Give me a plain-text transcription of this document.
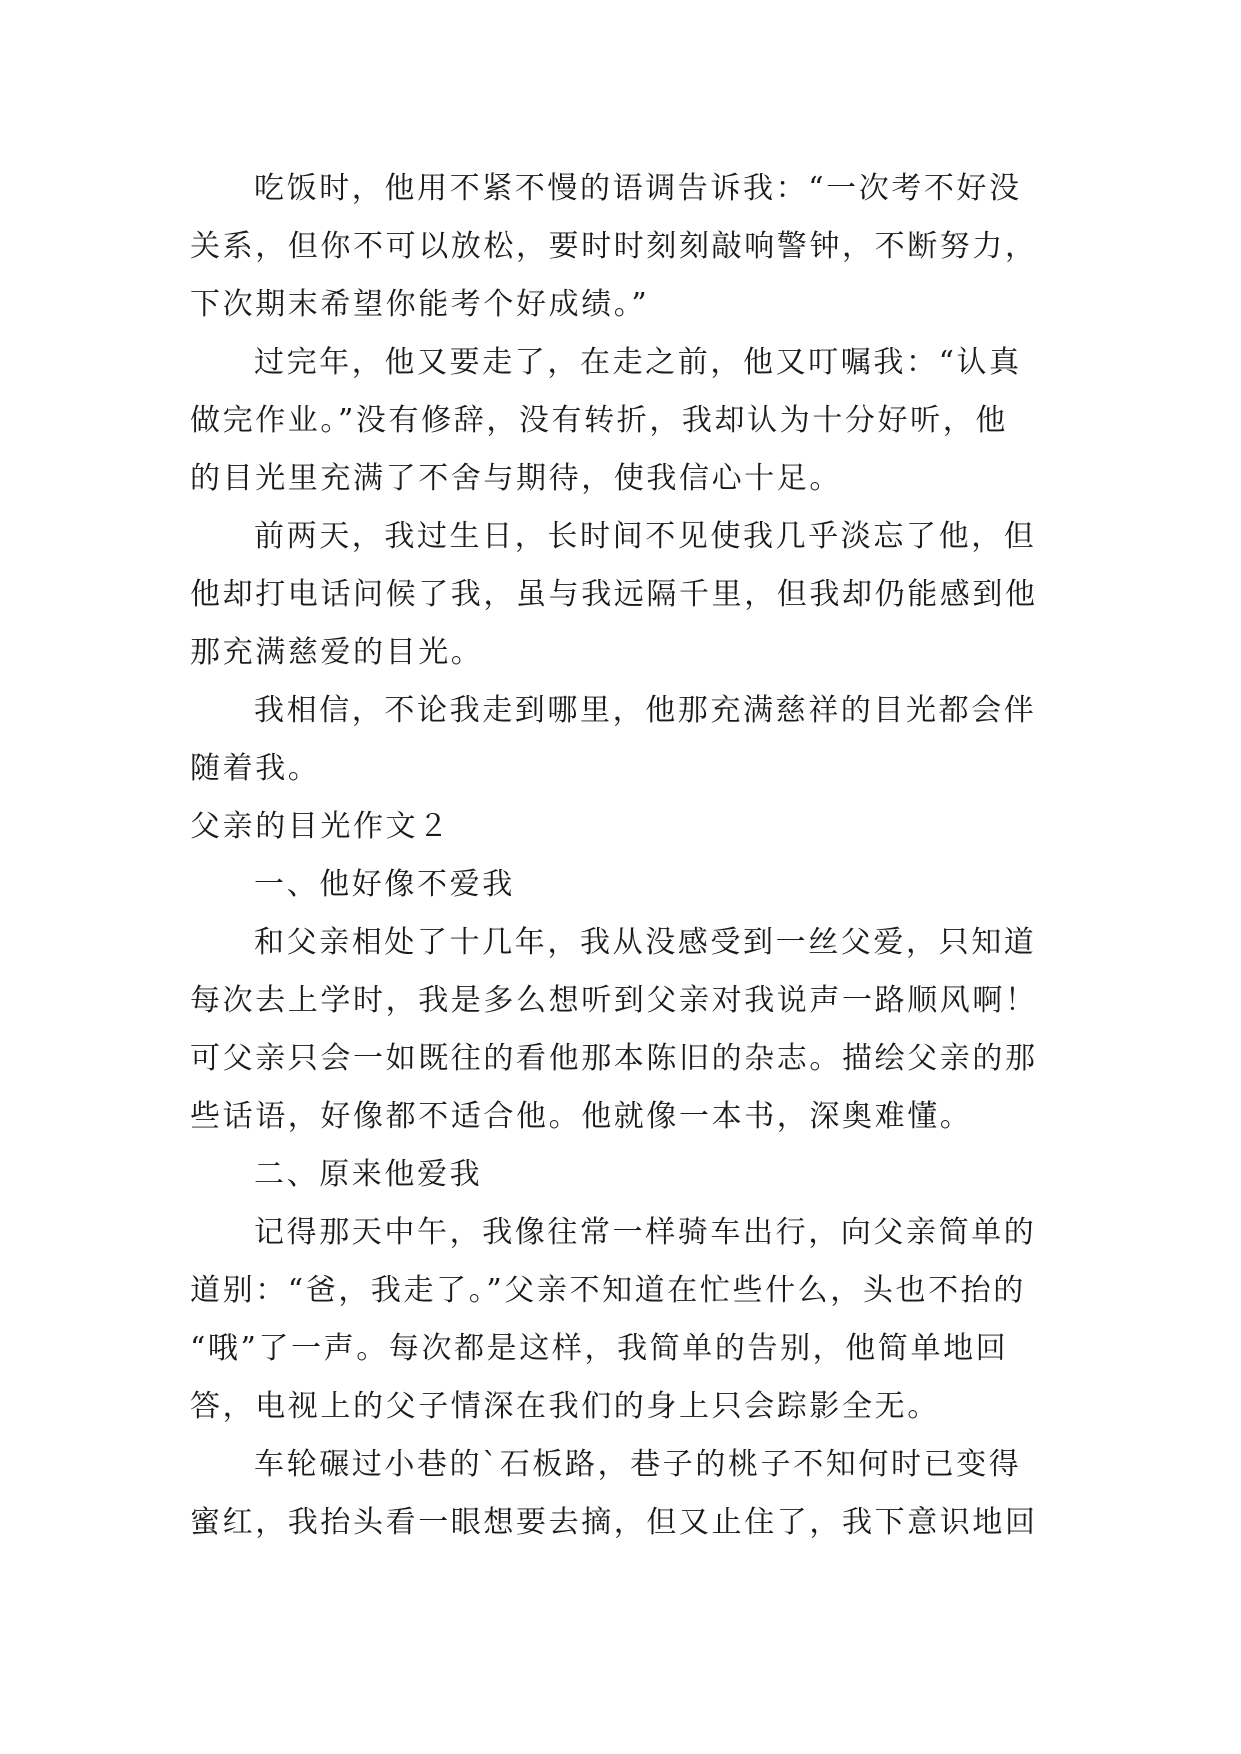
吃饭时，他用不紧不慢的语调告诉我：“一次考不好没
关系，但你不可以放松，要时时刻刻敲响警钟，不断努力，
下次期末希望你能考个好成绩。”
过完年，他又要走了，在走之前，他又叮嘱我：“认真
做完作业。”没有修辞，没有转折，我却认为十分好听，他
的目光里充满了不舍与期待，使我信心十足。
前两天，我过生日，长时间不见使我几乎淡忘了他，但
他却打电话问候了我，虽与我远隔千里，但我却仍能感到他
那充满慈爱的目光。
我相信，不论我走到哪里，他那充满慈祥的目光都会伴
随着我。
父亲的目光作文２
一、他好像不爱我
和父亲相处了十几年，我从没感受到一丝父爱，只知道
每次去上学时，我是多么想听到父亲对我说声一路顺风啊！
可父亲只会一如既往的看他那本陈旧的杂志。描绘父亲的那
些话语，好像都不适合他。他就像一本书，深奥难懂。
二、原来他爱我
记得那天中午，我像往常一样骑车出行，向父亲简单的
道别：“爸，我走了。”父亲不知道在忙些什么，头也不抬的
“哦”了一声。每次都是这样，我简单的告别，他简单地回
答，电视上的父子情深在我们的身上只会踪影全无。
车轮碾过小巷的`石板路，巷子的桃子不知何时已变得
蜜红，我抬头看一眼想要去摘，但又止住了，我下意识地回
